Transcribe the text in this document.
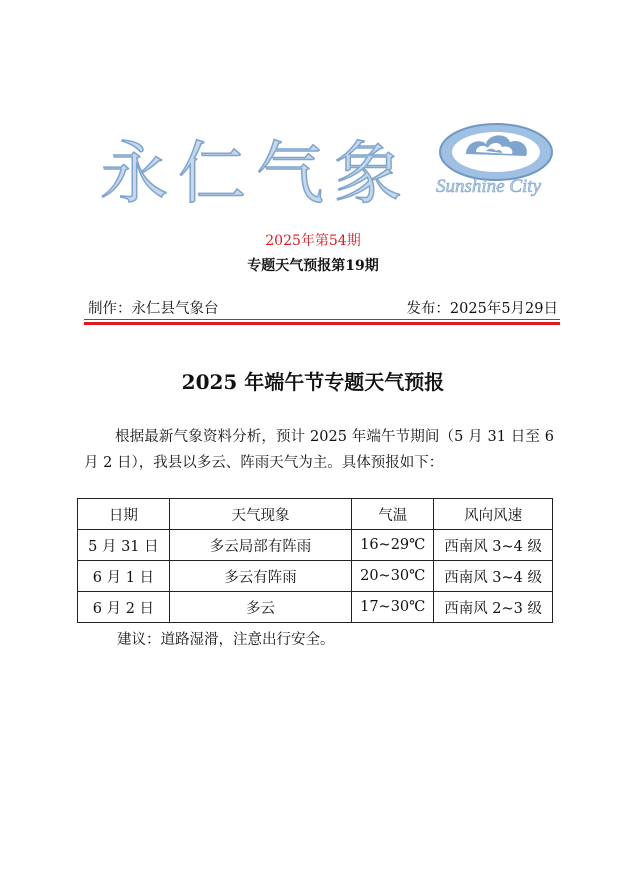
永仁气象 Sunshine City
2025年第54期
专题天气预报第19期
制作：永仁县气象台	发布：2025年5月29日
2025 年端午节专题天气预报
根据最新气象资料分析，预计 2025 年端午节期间（5 月 31 日至 6 月 2 日），我县以多云、阵雨天气为主。具体预报如下：
日期	天气现象	气温	风向风速
5 月 31 日	多云局部有阵雨	16~29℃	西南风 3~4 级
6 月 1 日	多云有阵雨	20~30℃	西南风 3~4 级
6 月 2 日	多云	17~30℃	西南风 2~3 级
建议：道路湿滑，注意出行安全。
